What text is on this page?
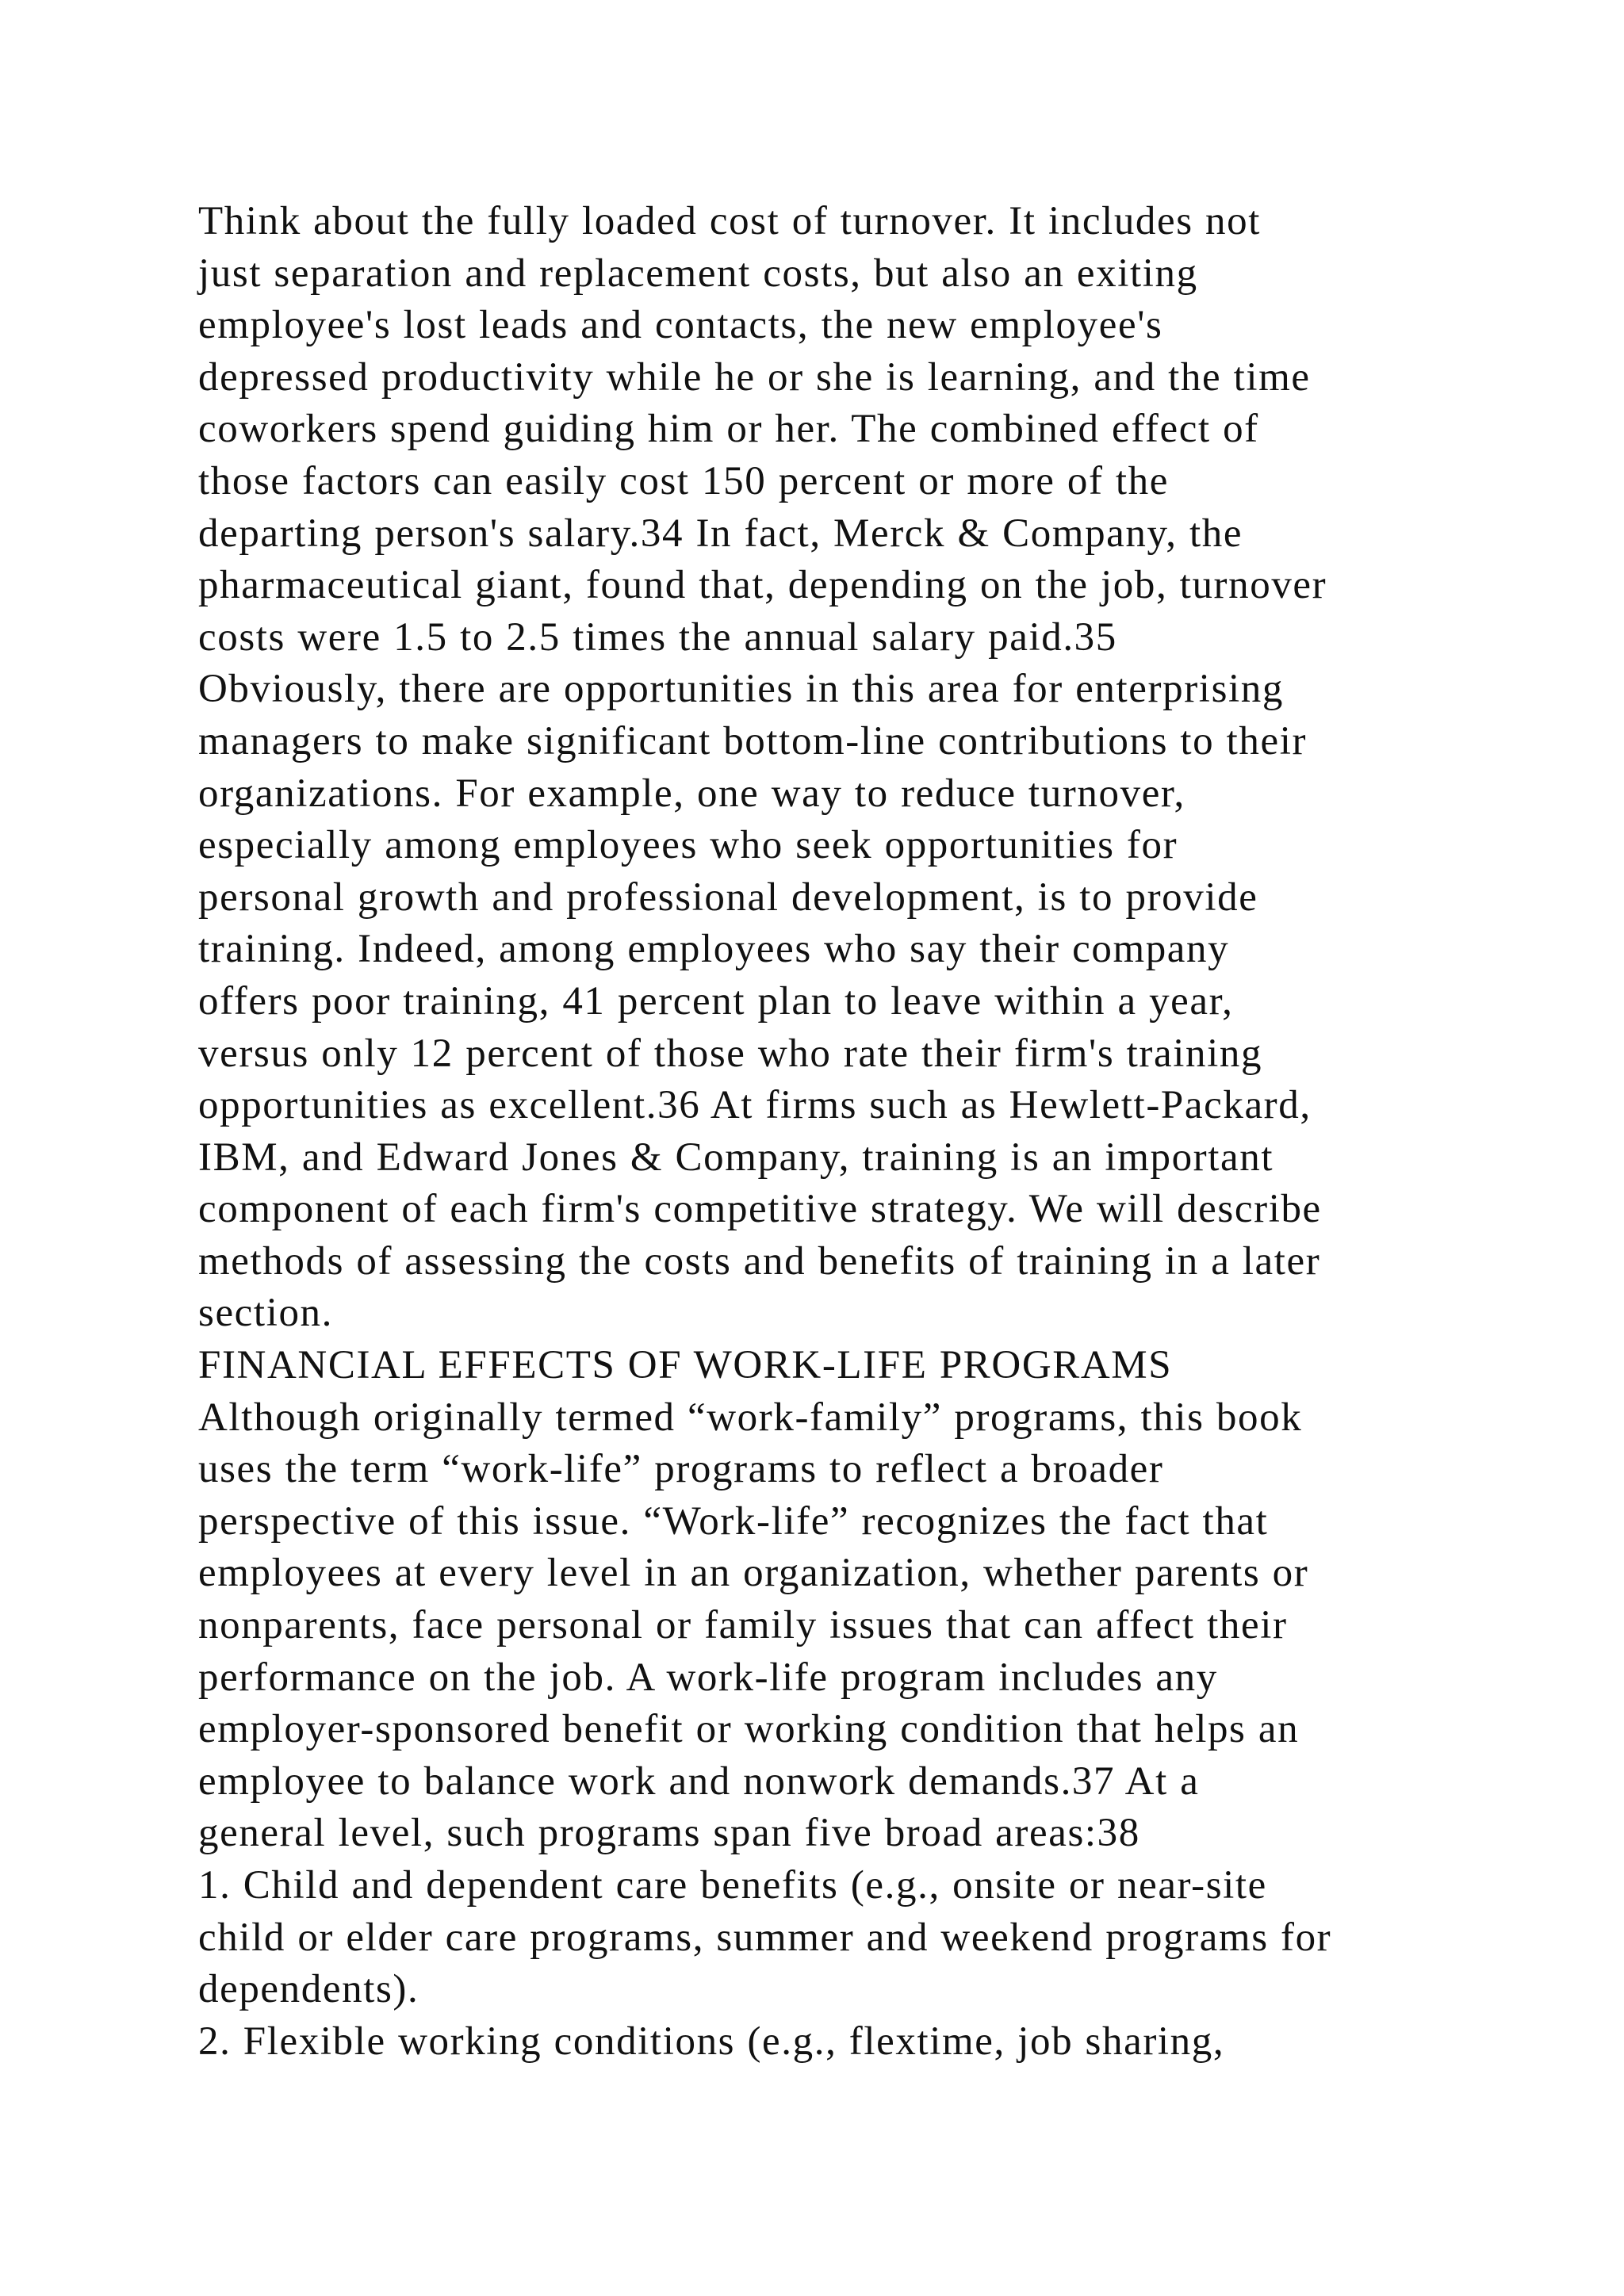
Think about the fully loaded cost of turnover. It includes not
just separation and replacement costs, but also an exiting
employee's lost leads and contacts, the new employee's
depressed productivity while he or she is learning, and the time
coworkers spend guiding him or her. The combined effect of
those factors can easily cost 150 percent or more of the
departing person's salary.34 In fact, Merck & Company, the
pharmaceutical giant, found that, depending on the job, turnover
costs were 1.5 to 2.5 times the annual salary paid.35
Obviously, there are opportunities in this area for enterprising
managers to make significant bottom-line contributions to their
organizations. For example, one way to reduce turnover,
especially among employees who seek opportunities for
personal growth and professional development, is to provide
training. Indeed, among employees who say their company
offers poor training, 41 percent plan to leave within a year,
versus only 12 percent of those who rate their firm's training
opportunities as excellent.36 At firms such as Hewlett-Packard,
IBM, and Edward Jones & Company, training is an important
component of each firm's competitive strategy. We will describe
methods of assessing the costs and benefits of training in a later
section.
FINANCIAL EFFECTS OF WORK-LIFE PROGRAMS
Although originally termed “work-family” programs, this book
uses the term “work-life” programs to reflect a broader
perspective of this issue. “Work-life” recognizes the fact that
employees at every level in an organization, whether parents or
nonparents, face personal or family issues that can affect their
performance on the job. A work-life program includes any
employer-sponsored benefit or working condition that helps an
employee to balance work and nonwork demands.37 At a
general level, such programs span five broad areas:38
1. Child and dependent care benefits (e.g., onsite or near-site
child or elder care programs, summer and weekend programs for
dependents).
2. Flexible working conditions (e.g., flextime, job sharing,
